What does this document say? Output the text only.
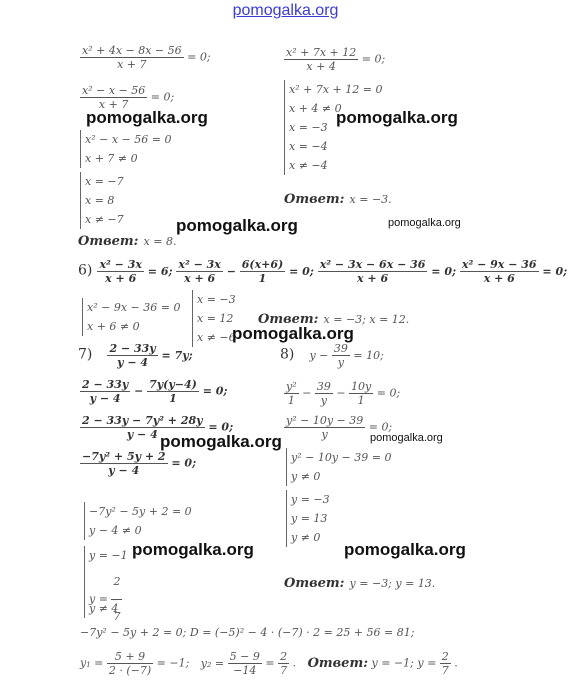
pomogalka.org
$\frac{\text{x² + 4x − 8x − 56}}{x + 7} = 0$;
$\frac{\text{x² − x − 56}}{x + 7} = 0$;
x² − x − 56 = 0
x + 7 ≠ 0
x = −7
x = 8
x ≠ −7
Ответ: x = 8.
$\frac{\text{x² + 7x + 12}}{x + 4} = 0$;
x² + 7x + 12 = 0
x + 4 ≠ 0
x = −3
x = −4
x ≠ −4
Ответ: x = −3.
$6) \frac{\text{x² − 3x}}{x + 6} = 6$; $\frac{\text{x² − 3x}}{x + 6} - \frac{6(x+6)}{1} = 0$; $\frac{\text{x² − 3x − 6x − 36}}{x + 6} = 0$; $\frac{\text{x² − 9x − 36}}{x + 6} = 0$;
x² − 9x − 36 = 0
x + 6 ≠ 0
x = −3
x = 12
x ≠ −6
Ответ: x = −3; x = 12.
$7) \frac{2 - 33y}{y - 4} = 7y$;
$\frac{2 - 33y}{y - 4} - \frac{7y(y-4)}{1} = 0$;
$\frac{\text{2 − 33y − 7y² + 28y}}{y - 4} = 0$;
$\frac{\text{−7y² + 5y + 2}}{y - 4} = 0$;
−7y² − 5y + 2 = 0
y − 4 ≠ 0
y = −1
$y = \frac{2}{7}$
y ≠ 4
8) $y - \frac{39}{y} = 10$;
$\frac{\text{y²}}{1} - \frac{39}{y} - \frac{10y}{1} = 0$;
$\frac{\text{y² − 10y − 39}}{y} = 0$;
y² − 10y − 39 = 0
y ≠ 0
y = −3
y = 13
y ≠ 0
Ответ: y = −3; y = 13.
−7y² − 5y + 2 = 0; D = (−5)² − 4 · (−7) · 2 = 25 + 56 = 81;
$y_1 = \frac{5 + 9}{2 \cdot (-7)} = -1$; $y_2 = \frac{5 - 9}{-14} = \frac{2}{7}$ . Ответ: y = −1; $y = \frac{2}{7}$ .
pomogalka.org	pomogalka.org
pomogalka.org	pomogalka.org
pomogalka.org
pomogalka.org	pomogalka.org
pomogalka.org	pomogalka.org
